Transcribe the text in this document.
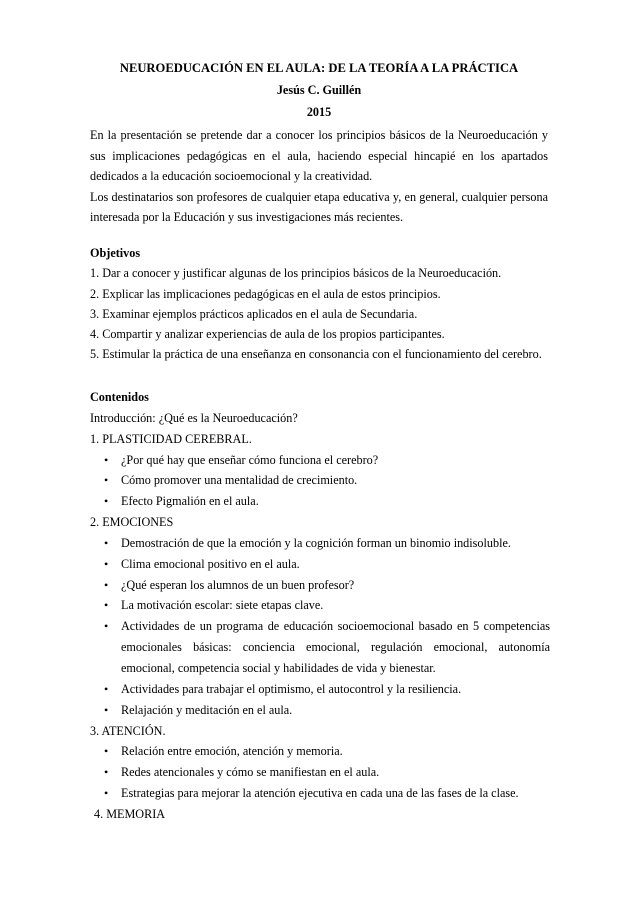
NEUROEDUCACIÓN EN EL AULA: DE LA TEORÍA A LA PRÁCTICA
Jesús C. Guillén
2015

En la presentación se pretende dar a conocer los principios básicos de la Neuroeducación y sus implicaciones pedagógicas en el aula, haciendo especial hincapié en los apartados dedicados a la educación socioemocional y la creatividad.

Los destinatarios son profesores de cualquier etapa educativa y, en general, cualquier persona interesada por la Educación y sus investigaciones más recientes.

Objetivos
1. Dar a conocer y justificar algunas de los principios básicos de la Neuroeducación.
2. Explicar las implicaciones pedagógicas en el aula de estos principios.
3. Examinar ejemplos prácticos aplicados en el aula de Secundaria.
4. Compartir y analizar experiencias de aula de los propios participantes.
5. Estimular la práctica de una enseñanza en consonancia con el funcionamiento del cerebro.
Contenidos
Introducción: ¿Qué es la Neuroeducación?
1. PLASTICIDAD CEREBRAL.
• ¿Por qué hay que enseñar cómo funciona el cerebro?
• Cómo promover una mentalidad de crecimiento.
• Efecto Pigmalión en el aula.
2. EMOCIONES
• Demostración de que la emoción y la cognición forman un binomio indisoluble.
• Clima emocional positivo en el aula.
• ¿Qué esperan los alumnos de un buen profesor?
• La motivación escolar: siete etapas clave.
• Actividades de un programa de educación socioemocional basado en 5 competencias emocionales básicas: conciencia emocional, regulación emocional, autonomía emocional, competencia social y habilidades de vida y bienestar.
• Actividades para trabajar el optimismo, el autocontrol y la resiliencia.
• Relajación y meditación en el aula.
3. ATENCIÓN.
• Relación entre emoción, atención y memoria.
• Redes atencionales y cómo se manifiestan en el aula.
• Estrategias para mejorar la atención ejecutiva en cada una de las fases de la clase.
4. MEMORIA
